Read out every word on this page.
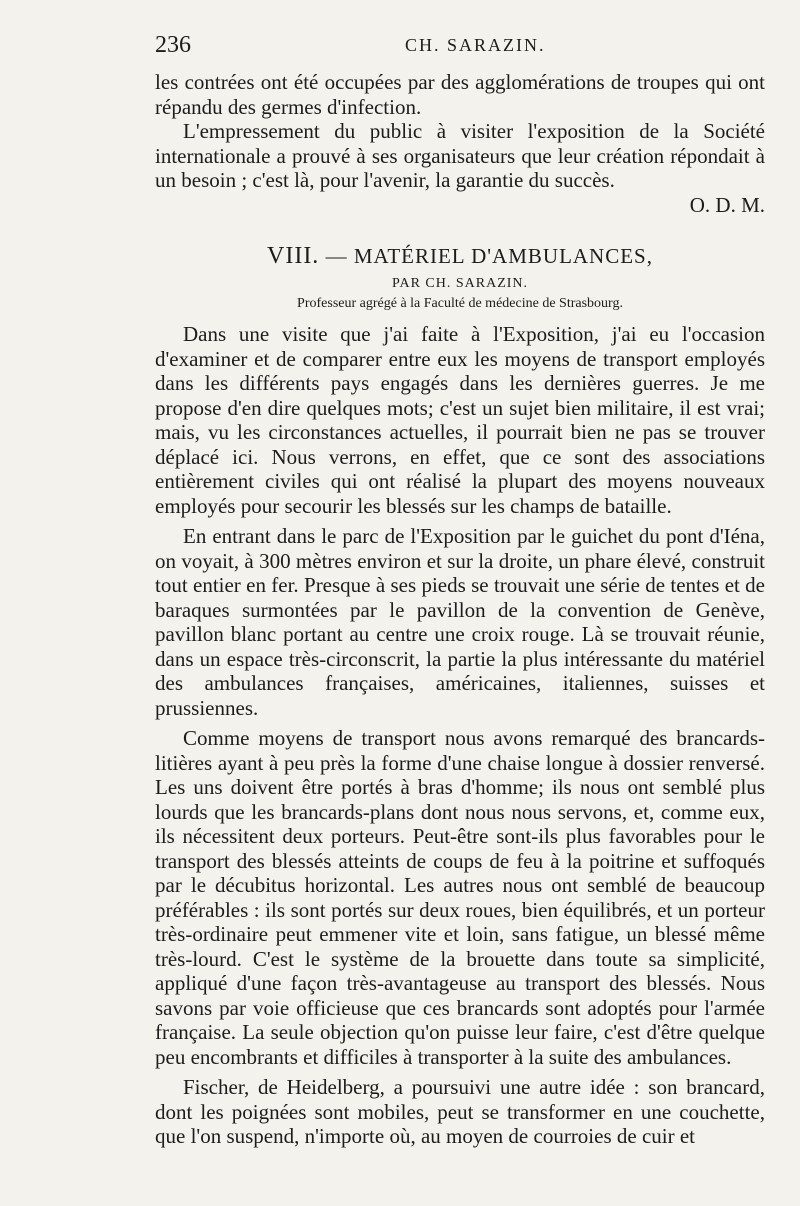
236	CH. SARAZIN.

les contrées ont été occupées par des agglomérations de troupes qui ont répandu des germes d'infection.

L'empressement du public à visiter l'exposition de la Société internationale a prouvé à ses organisateurs que leur création répondait à un besoin ; c'est là, pour l'avenir, la garantie du succès.

O. D. M.

VIII. — MATÉRIEL D'AMBULANCES,
PAR CH. SARAZIN.
Professeur agrégé à la Faculté de médecine de Strasbourg.

Dans une visite que j'ai faite à l'Exposition, j'ai eu l'occasion d'examiner et de comparer entre eux les moyens de transport employés dans les différents pays engagés dans les dernières guerres. Je me propose d'en dire quelques mots; c'est un sujet bien militaire, il est vrai; mais, vu les circonstances actuelles, il pourrait bien ne pas se trouver déplacé ici. Nous verrons, en effet, que ce sont des associations entièrement civiles qui ont réalisé la plupart des moyens nouveaux employés pour secourir les blessés sur les champs de bataille.

En entrant dans le parc de l'Exposition par le guichet du pont d'Iéna, on voyait, à 300 mètres environ et sur la droite, un phare élevé, construit tout entier en fer. Presque à ses pieds se trouvait une série de tentes et de baraques surmontées par le pavillon de la convention de Genève, pavillon blanc portant au centre une croix rouge. Là se trouvait réunie, dans un espace très-circonscrit, la partie la plus intéressante du matériel des ambulances françaises, américaines, italiennes, suisses et prussiennes.

Comme moyens de transport nous avons remarqué des brancards-litières ayant à peu près la forme d'une chaise longue à dossier renversé. Les uns doivent être portés à bras d'homme; ils nous ont semblé plus lourds que les brancards-plans dont nous nous servons, et, comme eux, ils nécessitent deux porteurs. Peut-être sont-ils plus favorables pour le transport des blessés atteints de coups de feu à la poitrine et suffoqués par le décubitus horizontal. Les autres nous ont semblé de beaucoup préférables : ils sont portés sur deux roues, bien équilibrés, et un porteur très-ordinaire peut emmener vite et loin, sans fatigue, un blessé même très-lourd. C'est le système de la brouette dans toute sa simplicité, appliqué d'une façon très-avantageuse au transport des blessés. Nous savons par voie officieuse que ces brancards sont adoptés pour l'armée française. La seule objection qu'on puisse leur faire, c'est d'être quelque peu encombrants et difficiles à transporter à la suite des ambulances.

Fischer, de Heidelberg, a poursuivi une autre idée : son brancard, dont les poignées sont mobiles, peut se transformer en une couchette, que l'on suspend, n'importe où, au moyen de courroies de cuir et
